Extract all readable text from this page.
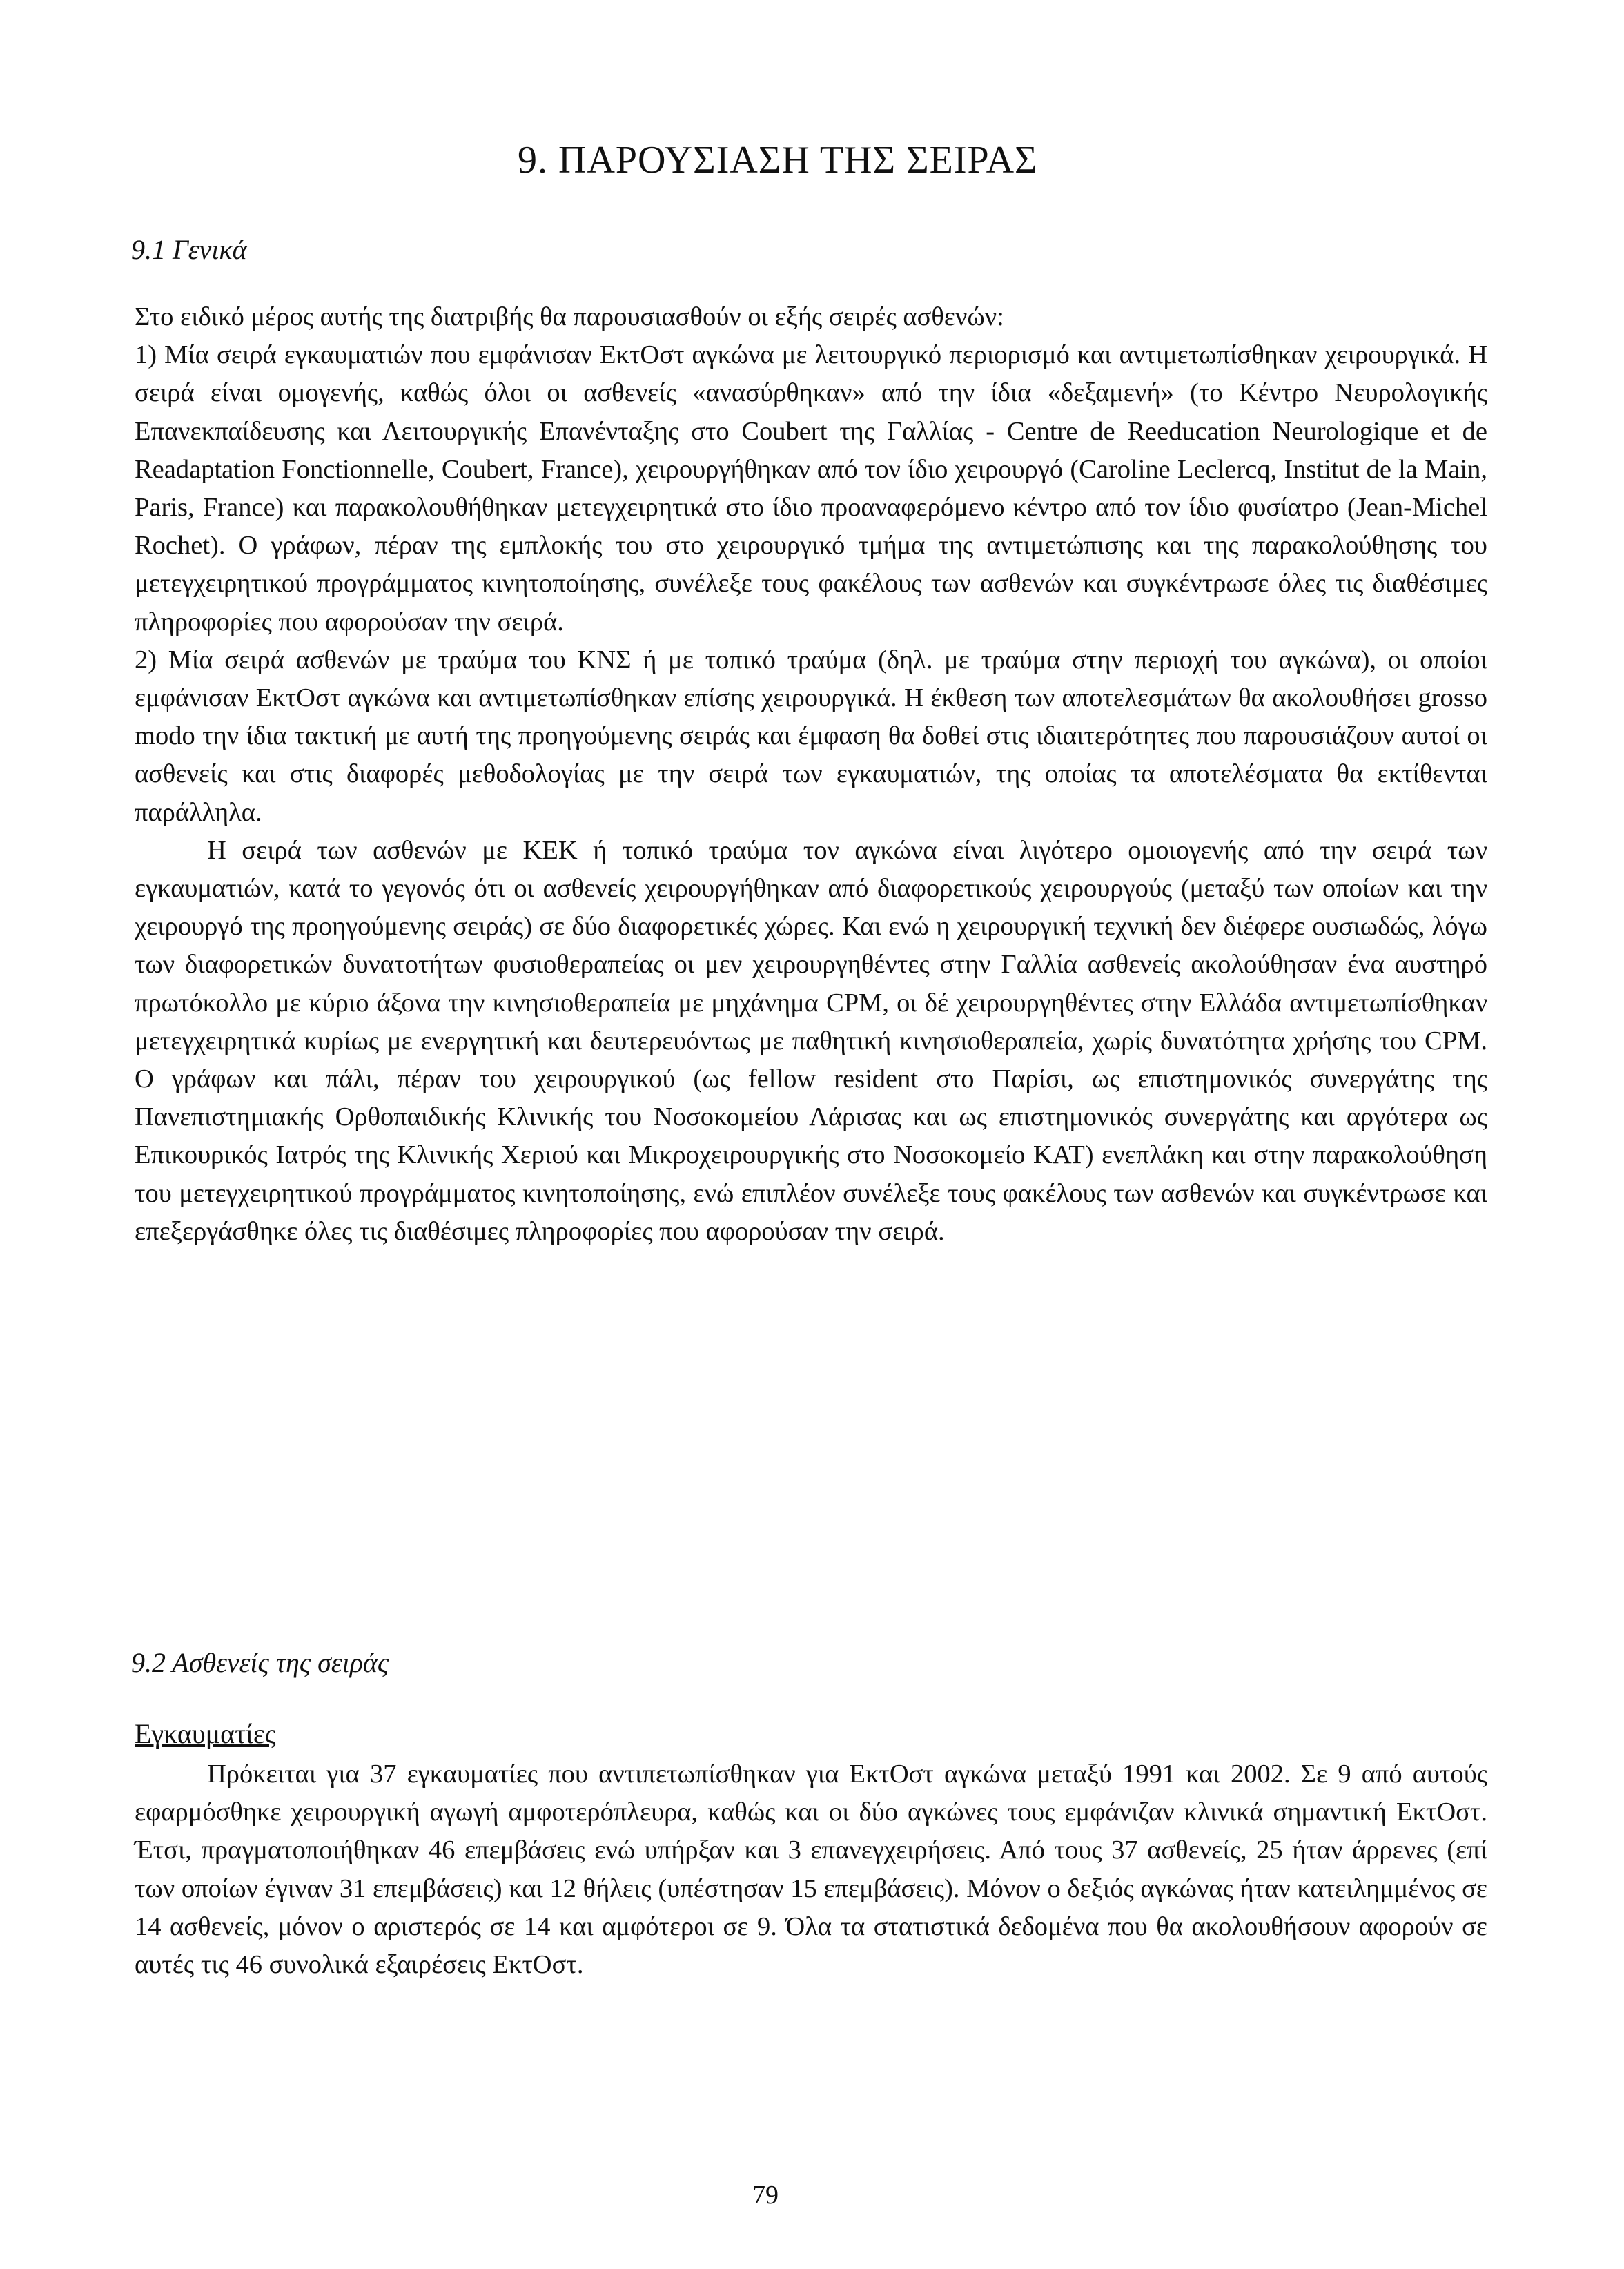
9. ΠΑΡΟΥΣΙΑΣΗ ΤΗΣ ΣΕΙΡΑΣ
9.1 Γενικά

Στο ειδικό μέρος αυτής της διατριβής θα παρουσιασθούν οι εξής σειρές ασθενών:

1) Μία σειρά εγκαυματιών που εμφάνισαν ΕκτΟστ αγκώνα με λειτουργικό περιορισμό και αντιμετωπίσθηκαν χειρουργικά. Η σειρά είναι ομογενής, καθώς όλοι οι ασθενείς «ανασύρθηκαν» από την ίδια «δεξαμενή» (το Κέντρο Νευρολογικής Επανεκπαίδευσης και Λειτουργικής Επανένταξης στο Coubert της Γαλλίας - Centre de Reeducation Neurologique et de Readaptation Fonctionnelle, Coubert, France), χειρουργήθηκαν από τον ίδιο χειρουργό (Caroline Leclercq, Institut de la Main, Paris, France) και παρακολουθήθηκαν μετεγχειρητικά στο ίδιο προαναφερόμενο κέντρο από τον ίδιο φυσίατρο (Jean-Michel Rochet). Ο γράφων, πέραν της εμπλοκής του στο χειρουργικό τμήμα της αντιμετώπισης και της παρακολούθησης του μετεγχειρητικού προγράμματος κινητοποίησης, συνέλεξε τους φακέλους των ασθενών και συγκέντρωσε όλες τις διαθέσιμες πληροφορίες που αφορούσαν την σειρά.

2) Μία σειρά ασθενών με τραύμα του ΚΝΣ ή με τοπικό τραύμα (δηλ. με τραύμα στην περιοχή του αγκώνα), οι οποίοι εμφάνισαν ΕκτΟστ αγκώνα και αντιμετωπίσθηκαν επίσης χειρουργικά. Η έκθεση των αποτελεσμάτων θα ακολουθήσει grosso modo την ίδια τακτική με αυτή της προηγούμενης σειράς και έμφαση θα δοθεί στις ιδιαιτερότητες που παρουσιάζουν αυτοί οι ασθενείς και στις διαφορές μεθοδολογίας με την σειρά των εγκαυματιών, της οποίας τα αποτελέσματα θα εκτίθενται παράλληλα.

Η σειρά των ασθενών με ΚΕΚ ή τοπικό τραύμα τον αγκώνα είναι λιγότερο ομοιογενής από την σειρά των εγκαυματιών, κατά το γεγονός ότι οι ασθενείς χειρουργήθηκαν από διαφορετικούς χειρουργούς (μεταξύ των οποίων και την χειρουργό της προηγούμενης σειράς) σε δύο διαφορετικές χώρες. Και ενώ η χειρουργική τεχνική δεν διέφερε ουσιωδώς, λόγω των διαφορετικών δυνατοτήτων φυσιοθεραπείας οι μεν χειρουργηθέντες στην Γαλλία ασθενείς ακολούθησαν ένα αυστηρό πρωτόκολλο με κύριο άξονα την κινησιοθεραπεία με μηχάνημα CPM, οι δέ χειρουργηθέντες στην Ελλάδα αντιμετωπίσθηκαν μετεγχειρητικά κυρίως με ενεργητική και δευτερευόντως με παθητική κινησιοθεραπεία, χωρίς δυνατότητα χρήσης του CPM. Ο γράφων και πάλι, πέραν του χειρουργικού (ως fellow resident στο Παρίσι, ως επιστημονικός συνεργάτης της Πανεπιστημιακής Ορθοπαιδικής Κλινικής του Νοσοκομείου Λάρισας και ως επιστημονικός συνεργάτης και αργότερα ως Επικουρικός Ιατρός της Κλινικής Χεριού και Μικροχειρουργικής στο Νοσοκομείο ΚΑΤ) ενεπλάκη και στην παρακολούθηση του μετεγχειρητικού προγράμματος κινητοποίησης, ενώ επιπλέον συνέλεξε τους φακέλους των ασθενών και συγκέντρωσε και επεξεργάσθηκε όλες τις διαθέσιμες πληροφορίες που αφορούσαν την σειρά.

9.2 Ασθενείς της σειράς
Εγκαυματίες

Πρόκειται για 37 εγκαυματίες που αντιπετωπίσθηκαν για ΕκτΟστ αγκώνα μεταξύ 1991 και 2002. Σε 9 από αυτούς εφαρμόσθηκε χειρουργική αγωγή αμφοτερόπλευρα, καθώς και οι δύο αγκώνες τους εμφάνιζαν κλινικά σημαντική ΕκτΟστ. Έτσι, πραγματοποιήθηκαν 46 επεμβάσεις ενώ υπήρξαν και 3 επανεγχειρήσεις. Από τους 37 ασθενείς, 25 ήταν άρρενες (επί των οποίων έγιναν 31 επεμβάσεις) και 12 θήλεις (υπέστησαν 15 επεμβάσεις). Μόνον ο δεξιός αγκώνας ήταν κατειλημμένος σε 14 ασθενείς, μόνον ο αριστερός σε 14 και αμφότεροι σε 9. Όλα τα στατιστικά δεδομένα που θα ακολουθήσουν αφορούν σε αυτές τις 46 συνολικά εξαιρέσεις ΕκτΟστ.

79
